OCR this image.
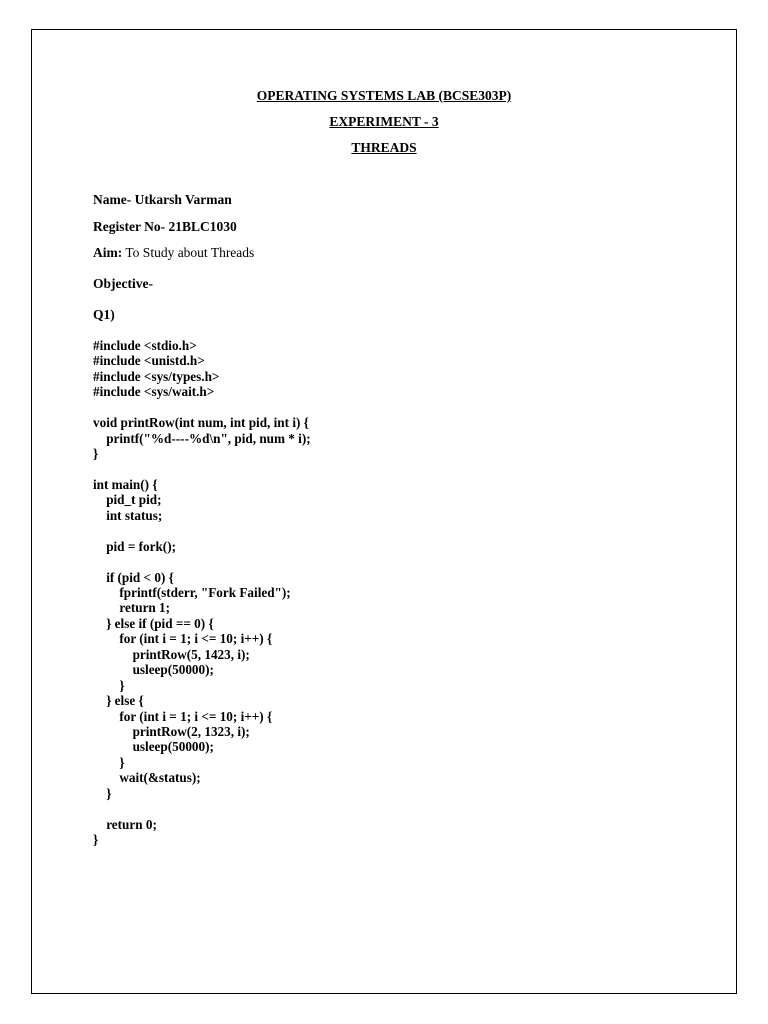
OPERATING SYSTEMS LAB (BCSE303P)
EXPERIMENT - 3
THREADS
Name- Utkarsh Varman
Register No- 21BLC1030
Aim: To Study about Threads
Objective-
Q1)
#include <stdio.h>
#include <unistd.h>
#include <sys/types.h>
#include <sys/wait.h>
void printRow(int num, int pid, int i) {
printf("%d----%d\n", pid, num * i);
}
int main() {
pid_t pid;
int status;
pid = fork();
if (pid < 0) {
fprintf(stderr, "Fork Failed");
return 1;
} else if (pid == 0) {
for (int i = 1; i <= 10; i++) {
printRow(5, 1423, i);
usleep(50000);
}
} else {
for (int i = 1; i <= 10; i++) {
printRow(2, 1323, i);
usleep(50000);
}
wait(&status);
}
return 0;
}
